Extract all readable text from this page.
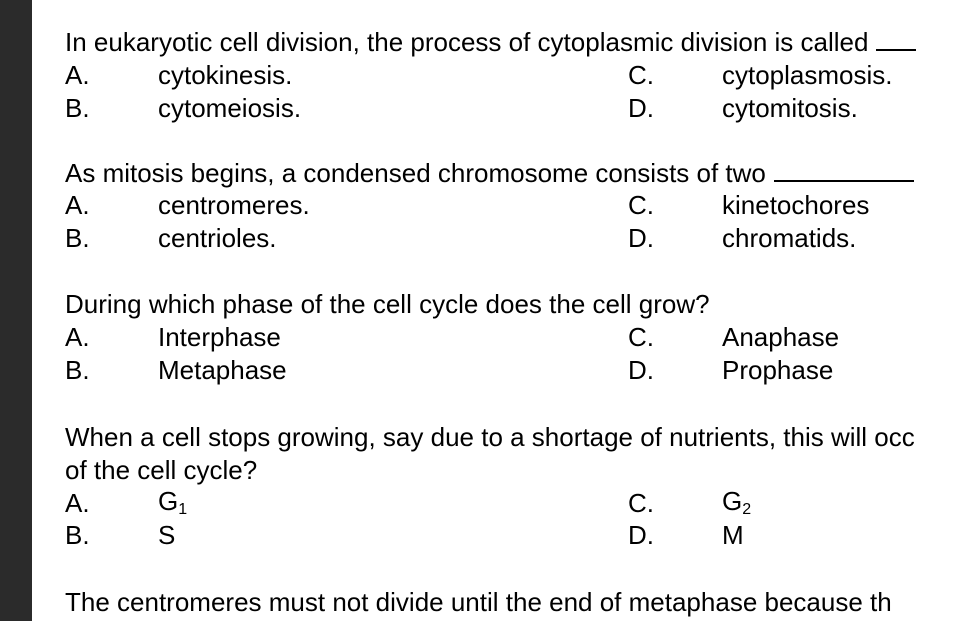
In eukaryotic cell division, the process of cytoplasmic division is called
A.	cytokinesis.
B.	cytomeiosis.
C.	cytoplasmosis.
D.	cytomitosis.
As mitosis begins, a condensed chromosome consists of two
A.	centromeres.
B.	centrioles.
C.	kinetochores
D.	chromatids.
During which phase of the cell cycle does the cell grow?
A.	Interphase
B.	Metaphase
C.	Anaphase
D.	Prophase
When a cell stops growing, say due to a shortage of nutrients, this will occ
of the cell cycle?
A.	$G_1$
B.	S
C.	$G_2$
D.	M
The centromeres must not divide until the end of metaphase because th
